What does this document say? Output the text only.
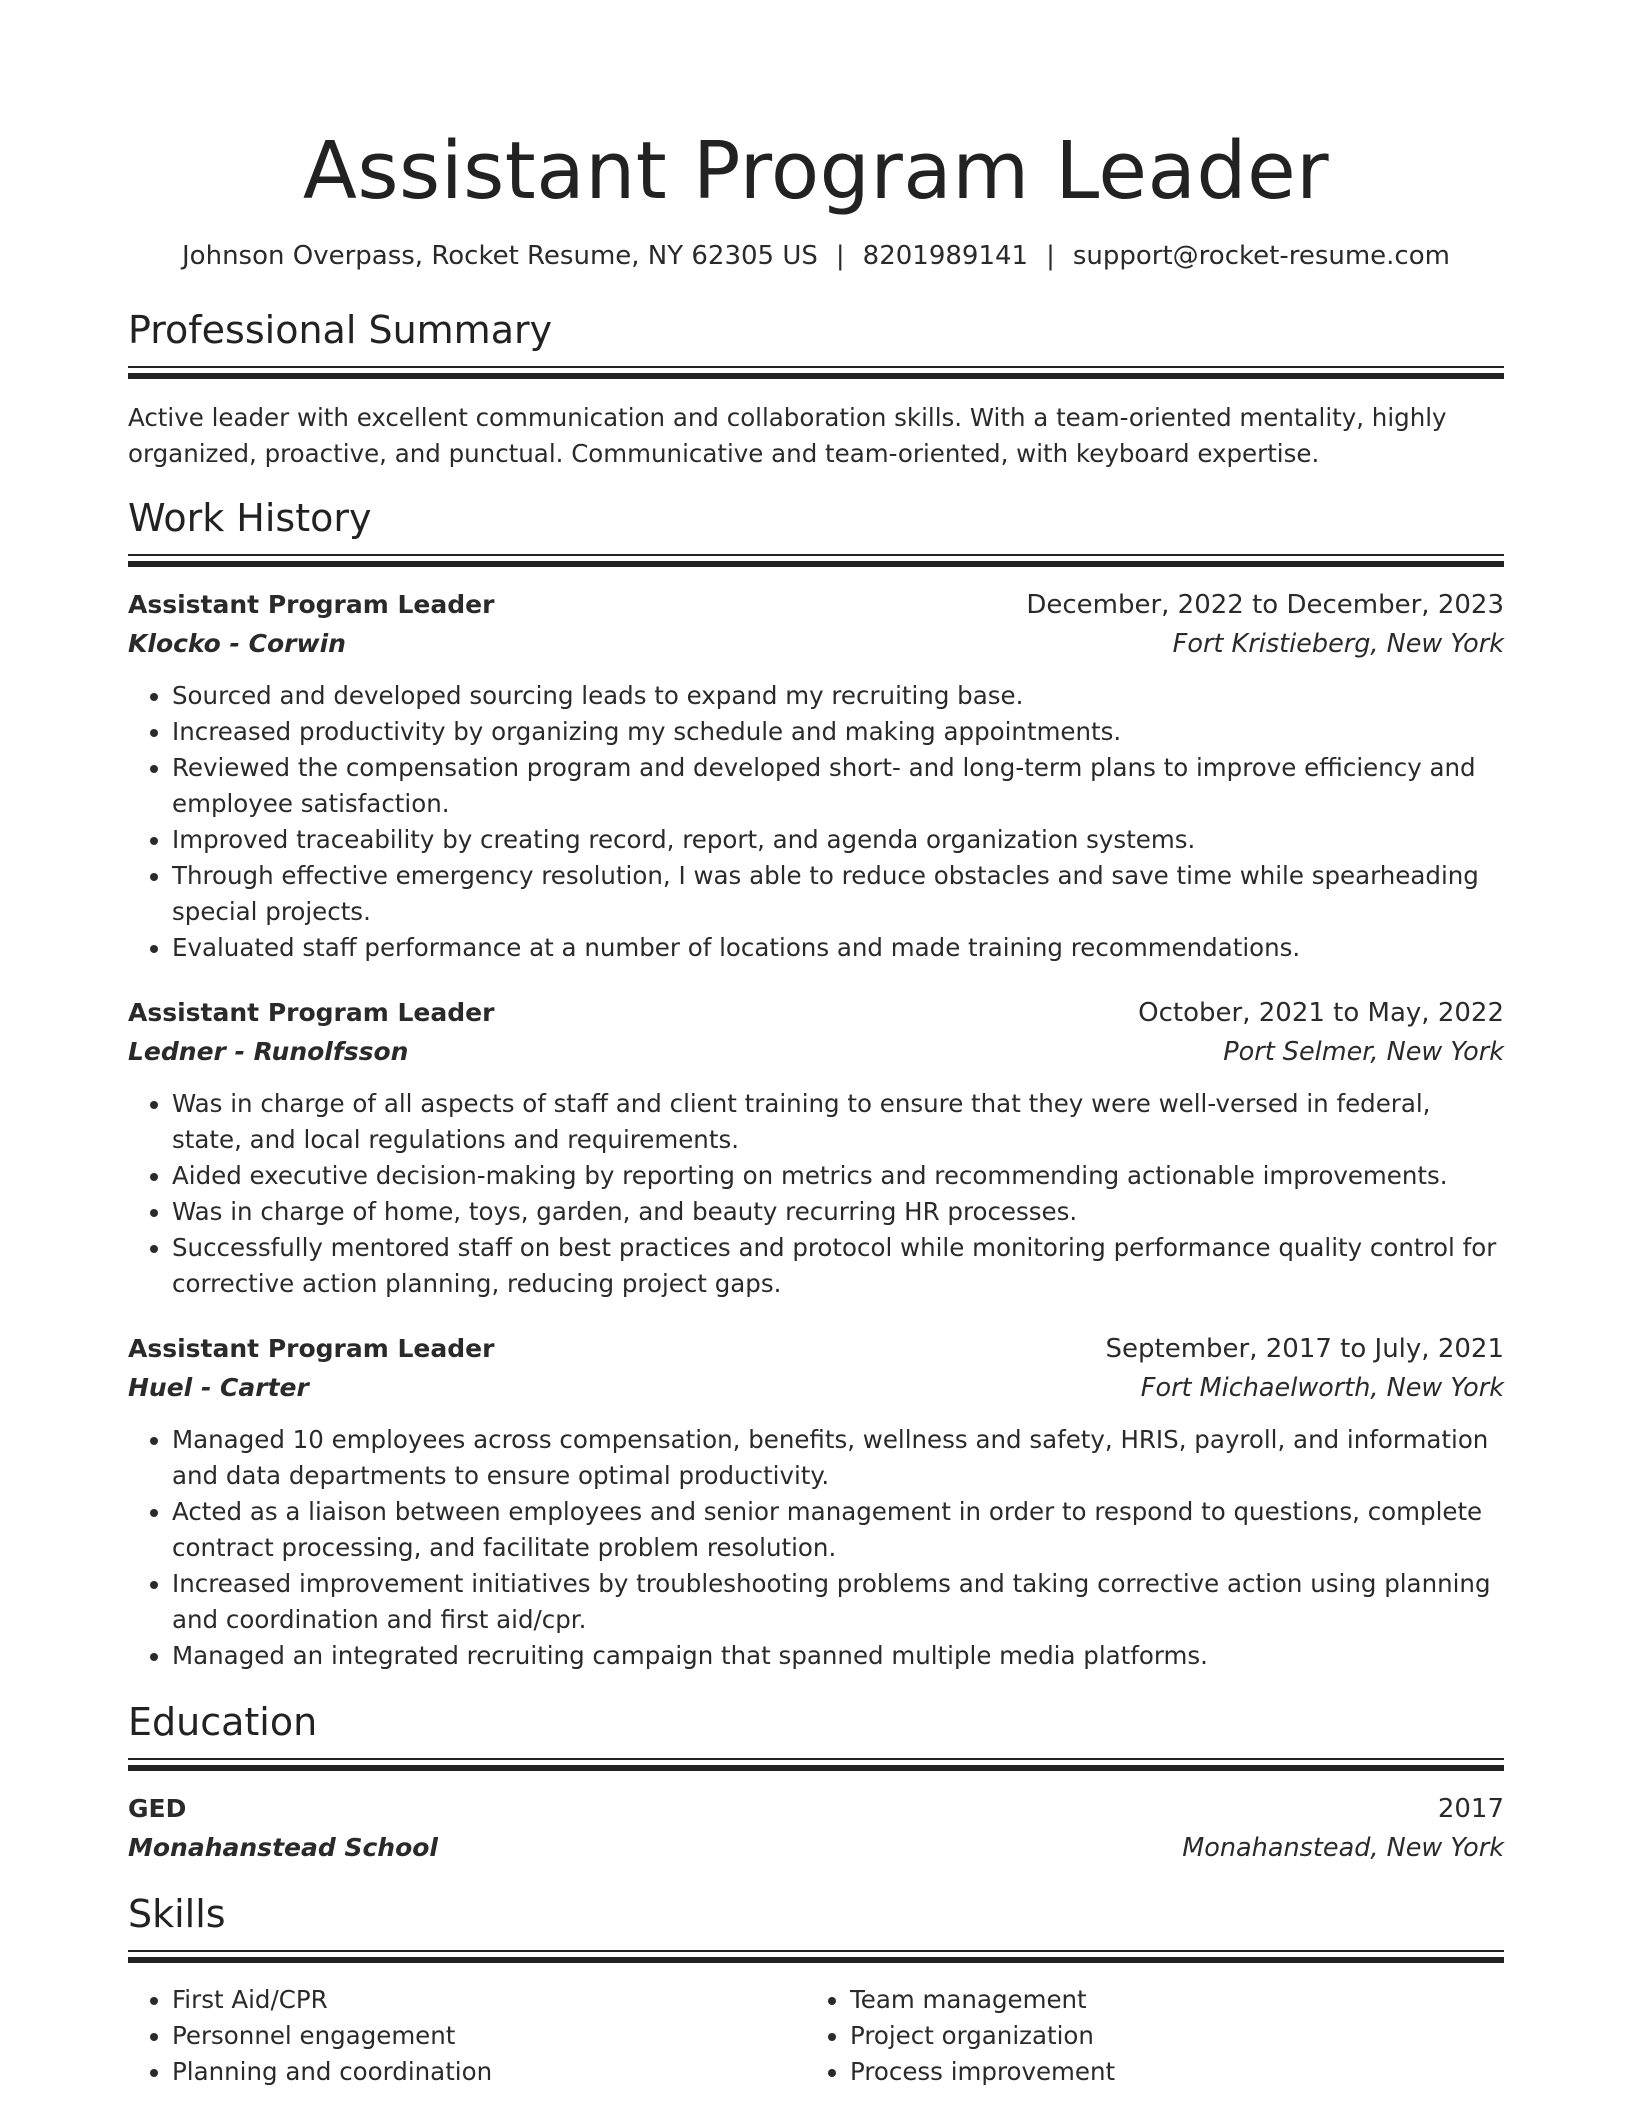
Assistant Program Leader
Johnson Overpass, Rocket Resume, NY 62305 US | 8201989141 | support@rocket-resume.com
Professional Summary
Active leader with excellent communication and collaboration skills. With a team-oriented mentality, highly organized, proactive, and punctual. Communicative and team-oriented, with keyboard expertise.
Work History
Assistant Program Leader	December, 2022 to December, 2023
Klocko - Corwin	Fort Kristieberg, New York
• Sourced and developed sourcing leads to expand my recruiting base.
• Increased productivity by organizing my schedule and making appointments.
• Reviewed the compensation program and developed short- and long-term plans to improve efficiency and employee satisfaction.
• Improved traceability by creating record, report, and agenda organization systems.
• Through effective emergency resolution, I was able to reduce obstacles and save time while spearheading special projects.
• Evaluated staff performance at a number of locations and made training recommendations.
Assistant Program Leader	October, 2021 to May, 2022
Ledner - Runolfsson	Port Selmer, New York
• Was in charge of all aspects of staff and client training to ensure that they were well-versed in federal, state, and local regulations and requirements.
• Aided executive decision-making by reporting on metrics and recommending actionable improvements.
• Was in charge of home, toys, garden, and beauty recurring HR processes.
• Successfully mentored staff on best practices and protocol while monitoring performance quality control for corrective action planning, reducing project gaps.
Assistant Program Leader	September, 2017 to July, 2021
Huel - Carter	Fort Michaelworth, New York
• Managed 10 employees across compensation, benefits, wellness and safety, HRIS, payroll, and information and data departments to ensure optimal productivity.
• Acted as a liaison between employees and senior management in order to respond to questions, complete contract processing, and facilitate problem resolution.
• Increased improvement initiatives by troubleshooting problems and taking corrective action using planning and coordination and first aid/cpr.
• Managed an integrated recruiting campaign that spanned multiple media platforms.
Education
GED	2017
Monahanstead School	Monahanstead, New York
Skills
• First Aid/CPR
• Personnel engagement
• Planning and coordination
• Team management
• Project organization
• Process improvement
